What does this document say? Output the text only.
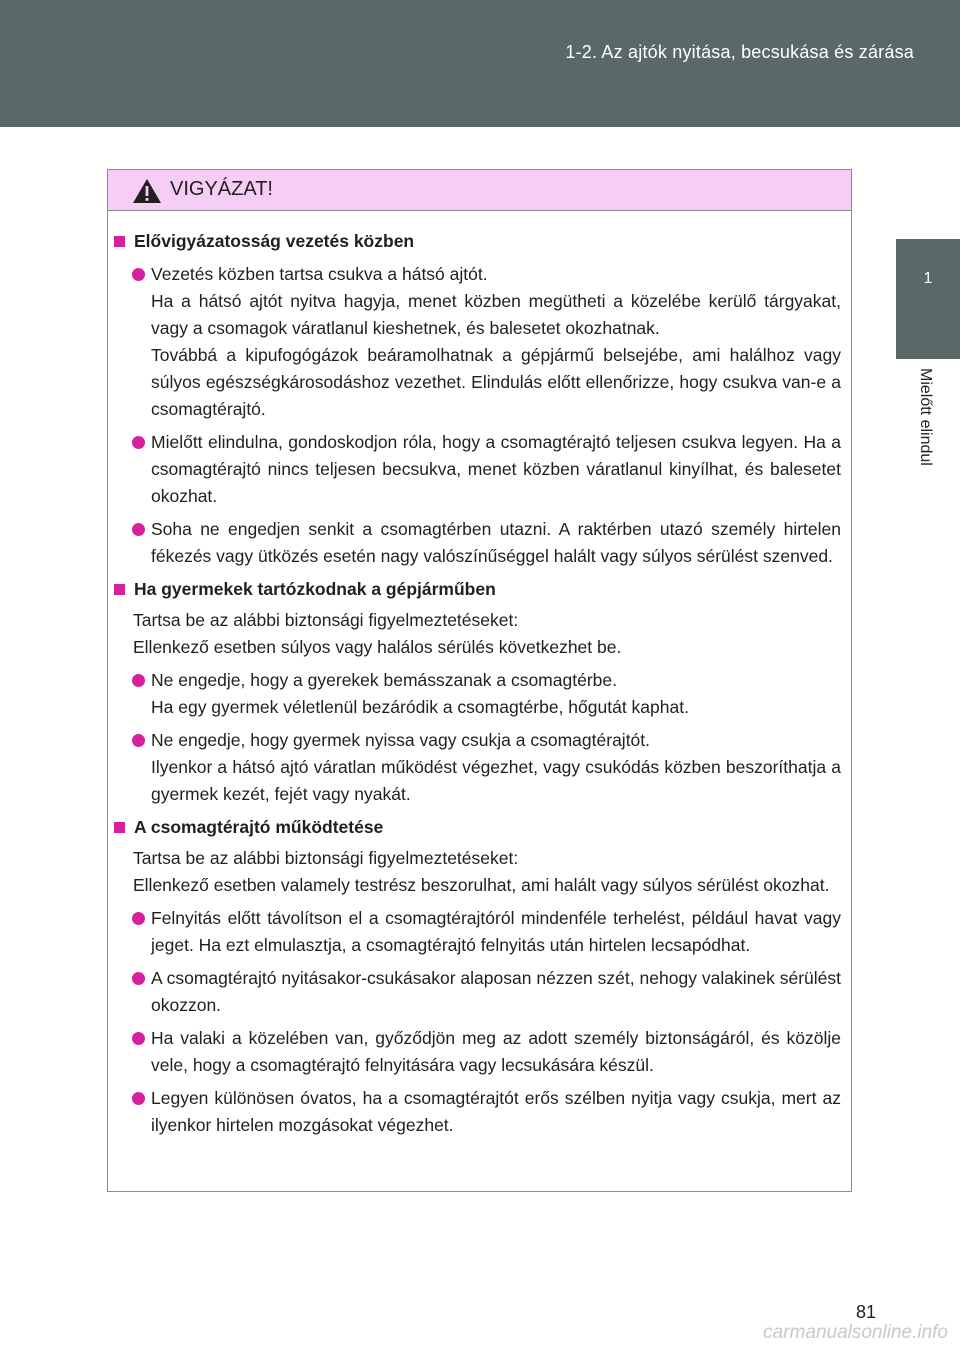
1-2. Az ajtók nyitása, becsukása és zárása
1
Mielőtt elindul
VIGYÁZAT!
Elővigyázatosság vezetés közben

Vezetés közben tartsa csukva a hátsó ajtót.

Ha a hátsó ajtót nyitva hagyja, menet közben megütheti a közelébe kerülő tárgyakat, vagy a csomagok váratlanul kieshetnek, és balesetet okozhatnak.

Továbbá a kipufogógázok beáramolhatnak a gépjármű belsejébe, ami halálhoz vagy súlyos egészségkárosodáshoz vezethet. Elindulás előtt ellenőrizze, hogy csukva van-e a csomagtérajtó.

Mielőtt elindulna, gondoskodjon róla, hogy a csomagtérajtó teljesen csukva legyen. Ha a csomagtérajtó nincs teljesen becsukva, menet közben váratlanul kinyílhat, és balesetet okozhat.

Soha ne engedjen senkit a csomagtérben utazni. A raktérben utazó személy hirtelen fékezés vagy ütközés esetén nagy valószínűséggel halált vagy súlyos sérülést szenved.

Ha gyermekek tartózkodnak a gépjárműben

Tartsa be az alábbi biztonsági figyelmeztetéseket:

Ellenkező esetben súlyos vagy halálos sérülés következhet be.

Ne engedje, hogy a gyerekek bemásszanak a csomagtérbe.

Ha egy gyermek véletlenül bezáródik a csomagtérbe, hőgutát kaphat.

Ne engedje, hogy gyermek nyissa vagy csukja a csomagtérajtót.

Ilyenkor a hátsó ajtó váratlan működést végezhet, vagy csukódás közben beszoríthatja a gyermek kezét, fejét vagy nyakát.

A csomagtérajtó működtetése

Tartsa be az alábbi biztonsági figyelmeztetéseket:

Ellenkező esetben valamely testrész beszorulhat, ami halált vagy súlyos sérülést okozhat.

Felnyitás előtt távolítson el a csomagtérajtóról mindenféle terhelést, például havat vagy jeget. Ha ezt elmulasztja, a csomagtérajtó felnyitás után hirtelen lecsapódhat.

A csomagtérajtó nyitásakor-csukásakor alaposan nézzen szét, nehogy valakinek sérülést okozzon.

Ha valaki a közelében van, győződjön meg az adott személy biztonságáról, és közölje vele, hogy a csomagtérajtó felnyitására vagy lecsukására készül.

Legyen különösen óvatos, ha a csomagtérajtót erős szélben nyitja vagy csukja, mert az ilyenkor hirtelen mozgásokat végezhet.

81
carmanualsonline.info
